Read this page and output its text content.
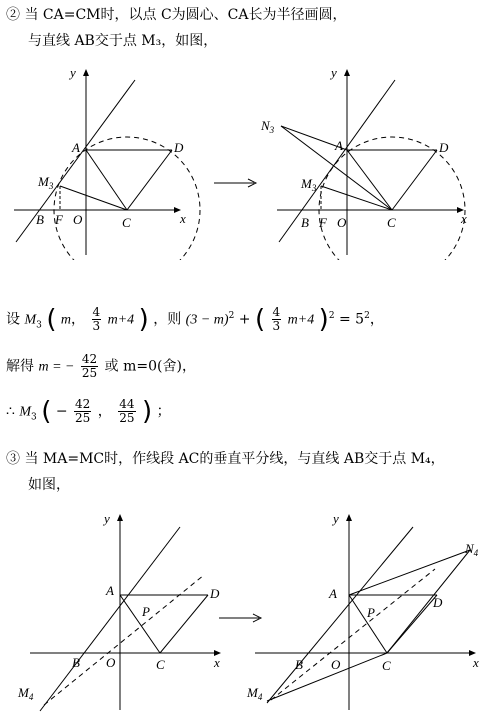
② 当 CA=CM时，以点 C为圆心、CA长为半径画圆，
与直线 AB交于点 M₃，如图，
y
x
A	D
C
B F O
$M_3$
y
x
A	D
C
B F O
$M_3$
$N_3$
设 $M_3$ ( m， $\frac{4}{3} m+4$ ) ，则 $(3 - m)^2$ + ( $\frac{4}{3} m+4$ )$^2 = 5^2$，
解得 m = − $\frac{42}{25}$ 或 m=0(舍)，
∴ $M_3$ ( − $\frac{42}{25}$ ， $\frac{44}{25}$ ) ；
③ 当 MA=MC时，作线段 AC的垂直平分线，与直线 AB交于点 M₄，
如图，
y
x
A	D
C
B O
P
$M_4$
y
x
A
D
C
B O
P
$M_4$
$N_4$
